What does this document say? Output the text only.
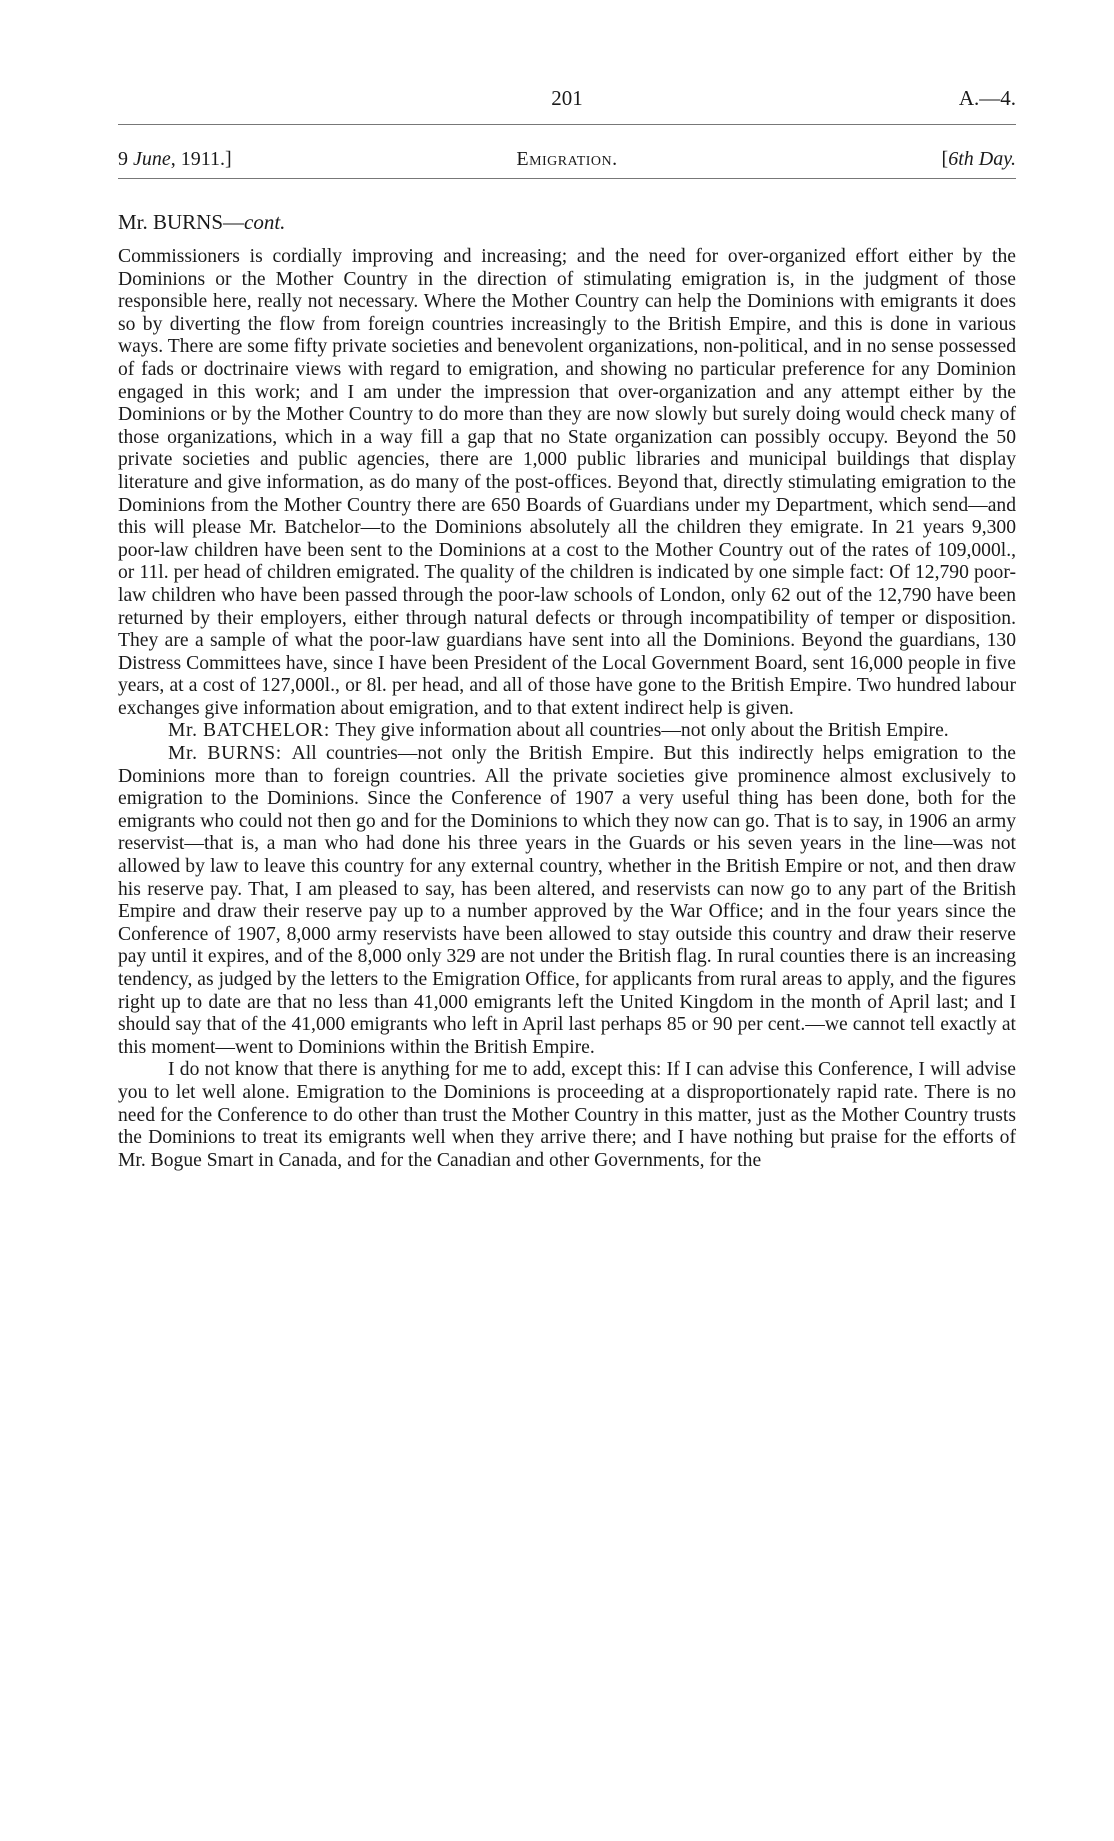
201	A.—4.
9 June, 1911.]	Emigration.	[6th Day.
Mr. BURNS—cont.

Commissioners is cordially improving and increasing; and the need for over-organized effort either by the Dominions or the Mother Country in the direction of stimulating emigration is, in the judgment of those responsible here, really not necessary. Where the Mother Country can help the Dominions with emigrants it does so by diverting the flow from foreign countries increasingly to the British Empire, and this is done in various ways. There are some fifty private societies and benevolent organizations, non-political, and in no sense possessed of fads or doctrinaire views with regard to emigration, and showing no particular preference for any Dominion engaged in this work; and I am under the impression that over-organization and any attempt either by the Dominions or by the Mother Country to do more than they are now slowly but surely doing would check many of those organizations, which in a way fill a gap that no State organization can possibly occupy. Beyond the 50 private societies and public agencies, there are 1,000 public libraries and municipal buildings that display literature and give information, as do many of the post-offices. Beyond that, directly stimulating emigration to the Dominions from the Mother Country there are 650 Boards of Guardians under my Department, which send—and this will please Mr. Batchelor—to the Dominions absolutely all the children they emigrate. In 21 years 9,300 poor-law children have been sent to the Dominions at a cost to the Mother Country out of the rates of 109,000l., or 11l. per head of children emigrated. The quality of the children is indicated by one simple fact: Of 12,790 poor-law children who have been passed through the poor-law schools of London, only 62 out of the 12,790 have been returned by their employers, either through natural defects or through incompatibility of temper or disposition. They are a sample of what the poor-law guardians have sent into all the Dominions. Beyond the guardians, 130 Distress Committees have, since I have been President of the Local Government Board, sent 16,000 people in five years, at a cost of 127,000l., or 8l. per head, and all of those have gone to the British Empire. Two hundred labour exchanges give information about emigration, and to that extent indirect help is given.

Mr. BATCHELOR: They give information about all countries—not only about the British Empire.

Mr. BURNS: All countries—not only the British Empire. But this indirectly helps emigration to the Dominions more than to foreign countries. All the private societies give prominence almost exclusively to emigration to the Dominions. Since the Conference of 1907 a very useful thing has been done, both for the emigrants who could not then go and for the Dominions to which they now can go. That is to say, in 1906 an army reservist—that is, a man who had done his three years in the Guards or his seven years in the line—was not allowed by law to leave this country for any external country, whether in the British Empire or not, and then draw his reserve pay. That, I am pleased to say, has been altered, and reservists can now go to any part of the British Empire and draw their reserve pay up to a number approved by the War Office; and in the four years since the Conference of 1907, 8,000 army reservists have been allowed to stay outside this country and draw their reserve pay until it expires, and of the 8,000 only 329 are not under the British flag. In rural counties there is an increasing tendency, as judged by the letters to the Emigration Office, for applicants from rural areas to apply, and the figures right up to date are that no less than 41,000 emigrants left the United Kingdom in the month of April last; and I should say that of the 41,000 emigrants who left in April last perhaps 85 or 90 per cent.—we cannot tell exactly at this moment—went to Dominions within the British Empire.

I do not know that there is anything for me to add, except this: If I can advise this Conference, I will advise you to let well alone. Emigration to the Dominions is proceeding at a disproportionately rapid rate. There is no need for the Conference to do other than trust the Mother Country in this matter, just as the Mother Country trusts the Dominions to treat its emigrants well when they arrive there; and I have nothing but praise for the efforts of Mr. Bogue Smart in Canada, and for the Canadian and other Governments, for the
